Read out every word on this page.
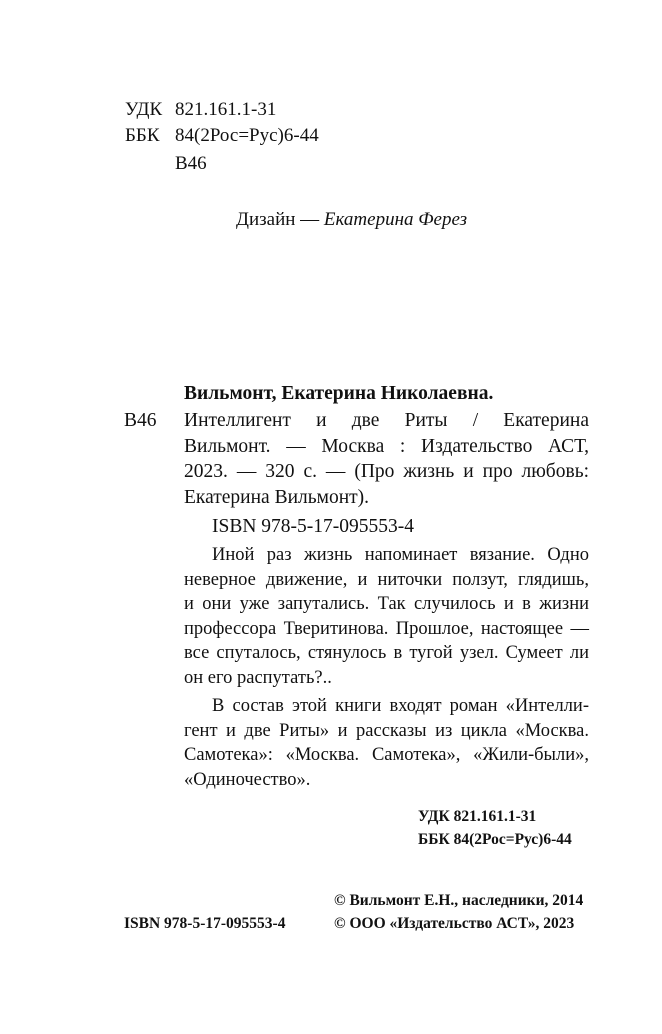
УДК 821.161.1-31
ББК 84(2Рос=Рус)6-44
В46
Дизайн — Екатерина Ферез
Вильмонт, Екатерина Николаевна.
В46 Интеллигент и две Риты / Екатерина
Вильмонт. — Москва : Издательство АСТ,
2023. — 320 с. — (Про жизнь и про любовь:
Екатерина Вильмонт).
ISBN 978-5-17-095553-4
Иной раз жизнь напоминает вязание. Одно
неверное движение, и ниточки ползут, глядишь,
и они уже запутались. Так случилось и в жизни
профессора Тверитинова. Прошлое, настоящее —
все спуталось, стянулось в тугой узел. Сумеет ли
он его распутать?..
В состав этой книги входят роман «Интелли-
гент и две Риты» и рассказы из цикла «Москва.
Самотека»: «Москва. Самотека», «Жили-были»,
«Одиночество».
УДК 821.161.1-31
ББК 84(2Рос=Рус)6-44
© Вильмонт Е.Н., наследники, 2014
ISBN 978-5-17-095553-4	© ООО «Издательство АСТ», 2023
